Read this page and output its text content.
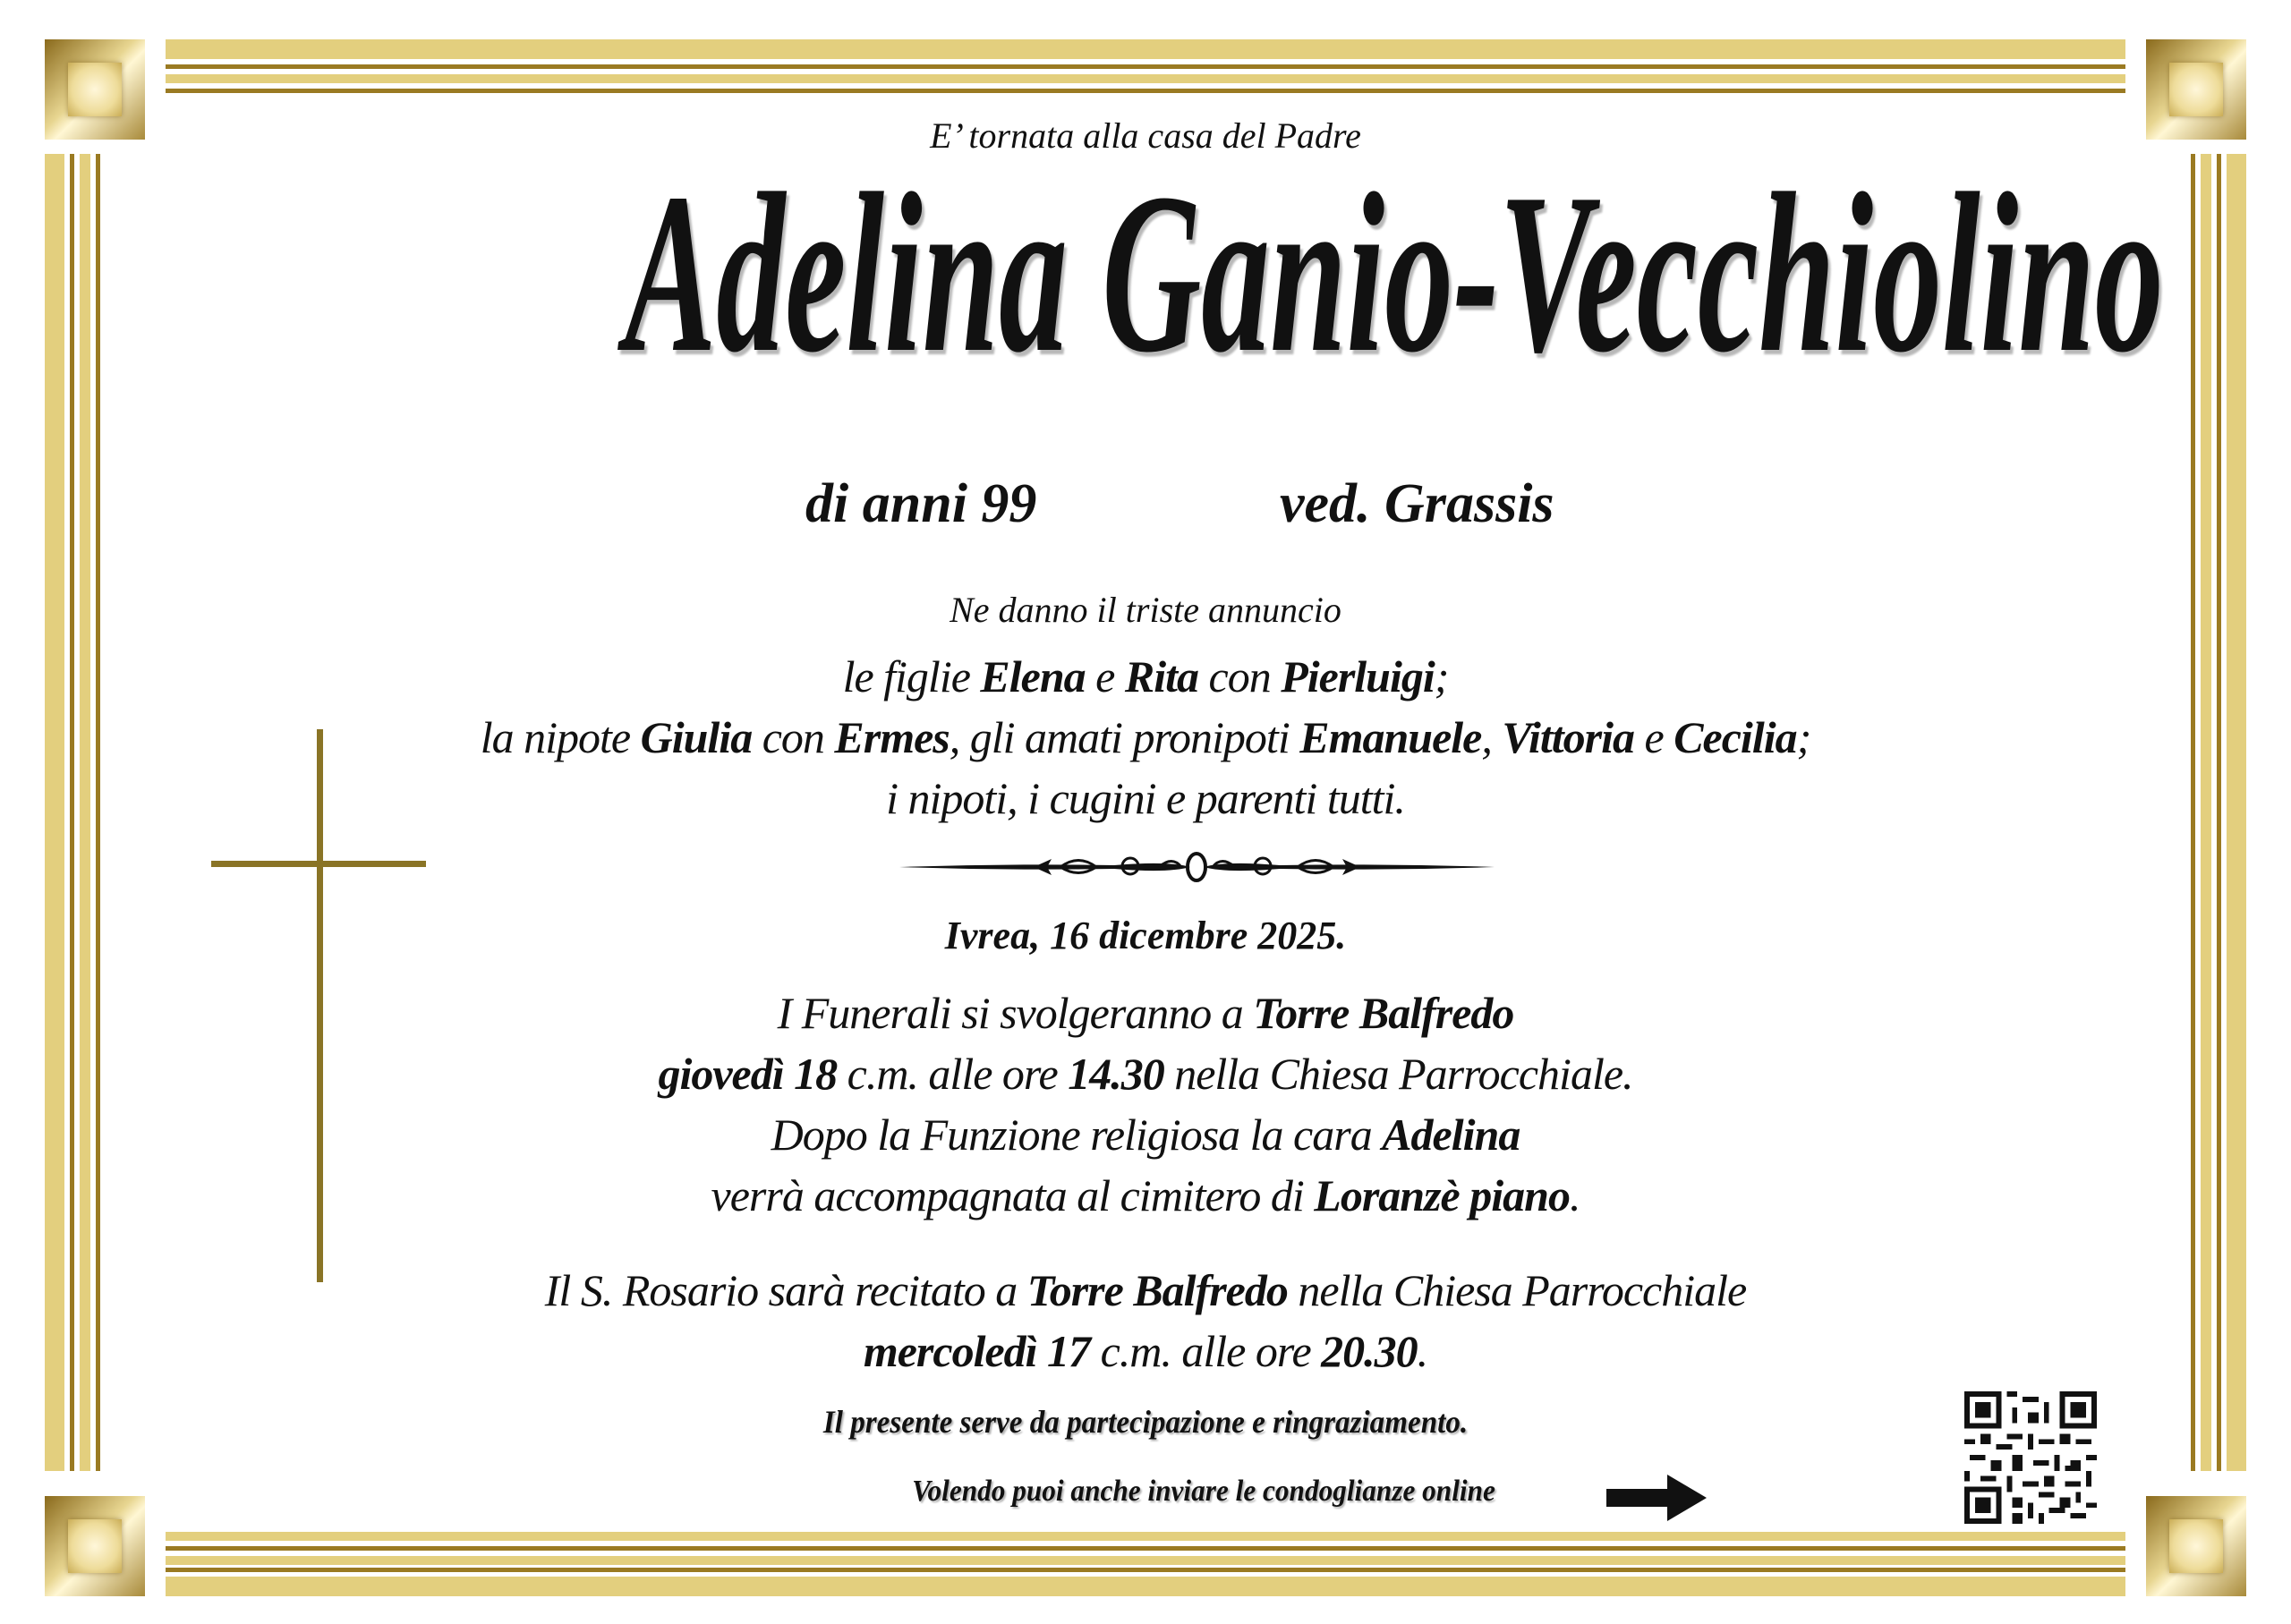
E’ tornata alla casa del Padre
Adelina Ganio-Vecchiolino
di anni 99	ved. Grassis
Ne danno il triste annuncio
le figlie Elena e Rita con Pierluigi;
la nipote Giulia con Ermes, gli amati pronipoti Emanuele, Vittoria e Cecilia;
i nipoti, i cugini e parenti tutti.
Ivrea, 16 dicembre 2025.
I Funerali si svolgeranno a Torre Balfredo
giovedì 18 c.m. alle ore 14.30 nella Chiesa Parrocchiale.
Dopo la Funzione religiosa la cara Adelina
verrà accompagnata al cimitero di Loranzè piano.
Il S. Rosario sarà recitato a Torre Balfredo nella Chiesa Parrocchiale
mercoledì 17 c.m. alle ore 20.30.
Il presente serve da partecipazione e ringraziamento.
Volendo puoi anche inviare le condoglianze online
